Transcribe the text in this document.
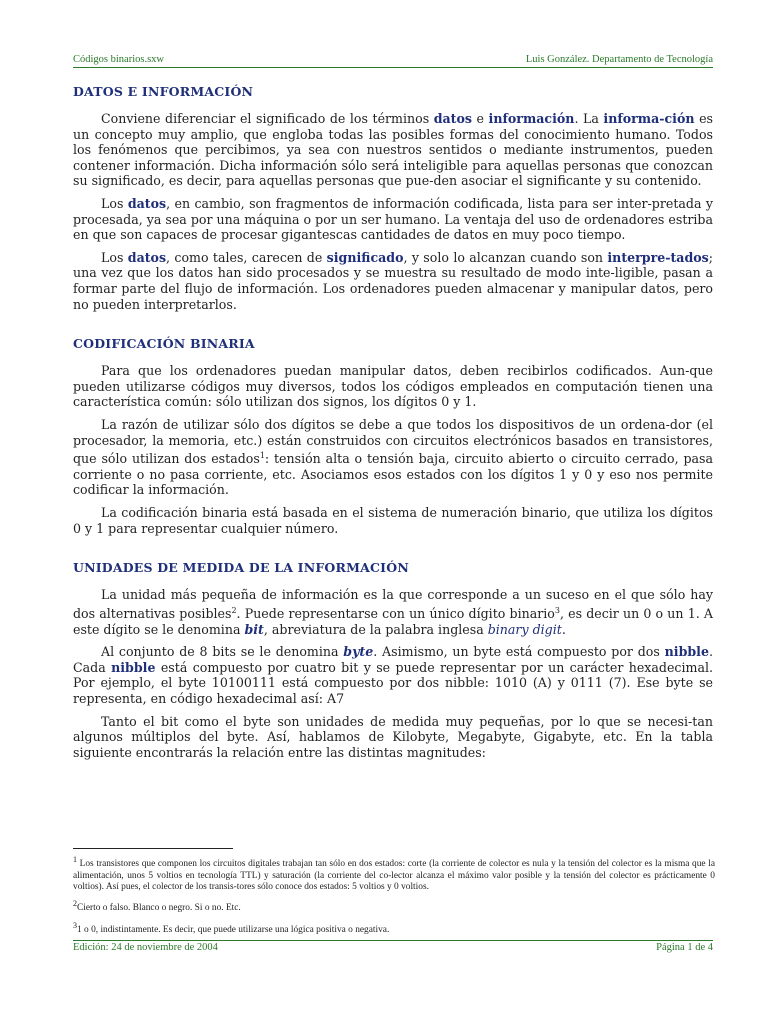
Códigos binarios.sxw	Luis González. Departamento de Tecnología
DATOS E INFORMACIÓN

Conviene diferenciar el significado de los términos datos e información. La informa-ción es un concepto muy amplio, que engloba todas las posibles formas del conocimiento humano. Todos los fenómenos que percibimos, ya sea con nuestros sentidos o mediante instrumentos, pueden contener información. Dicha información sólo será inteligible para aquellas personas que conozcan su significado, es decir, para aquellas personas que pue-den asociar el significante y su contenido.

Los datos, en cambio, son fragmentos de información codificada, lista para ser inter-pretada y procesada, ya sea por una máquina o por un ser humano. La ventaja del uso de ordenadores estriba en que son capaces de procesar gigantescas cantidades de datos en muy poco tiempo.

Los datos, como tales, carecen de significado, y solo lo alcanzan cuando son interpre-tados; una vez que los datos han sido procesados y se muestra su resultado de modo inte-ligible, pasan a formar parte del flujo de información. Los ordenadores pueden almacenar y manipular datos, pero no pueden interpretarlos.

CODIFICACIÓN BINARIA

Para que los ordenadores puedan manipular datos, deben recibirlos codificados. Aun-que pueden utilizarse códigos muy diversos, todos los códigos empleados en computación tienen una característica común: sólo utilizan dos signos, los dígitos 0 y 1.

La razón de utilizar sólo dos dígitos se debe a que todos los dispositivos de un ordena-dor (el procesador, la memoria, etc.) están construidos con circuitos electrónicos basados en transistores, que sólo utilizan dos estados$^1$: tensión alta o tensión baja, circuito abierto o circuito cerrado, pasa corriente o no pasa corriente, etc. Asociamos esos estados con los dígitos 1 y 0 y eso nos permite codificar la información.

La codificación binaria está basada en el sistema de numeración binario, que utiliza los dígitos 0 y 1 para representar cualquier número.

UNIDADES DE MEDIDA DE LA INFORMACIÓN

La unidad más pequeña de información es la que corresponde a un suceso en el que sólo hay dos alternativas posibles$^2$. Puede representarse con un único dígito binario$^3$, es decir un 0 o un 1. A este dígito se le denomina bit, abreviatura de la palabra inglesa binary digit.

Al conjunto de 8 bits se le denomina byte. Asimismo, un byte está compuesto por dos nibble. Cada nibble está compuesto por cuatro bit y se puede representar por un carácter hexadecimal. Por ejemplo, el byte 10100111 está compuesto por dos nibble: 1010 (A) y 0111 (7). Ese byte se representa, en código hexadecimal así: A7

Tanto el bit como el byte son unidades de medida muy pequeñas, por lo que se necesi-tan algunos múltiplos del byte. Así, hablamos de Kilobyte, Megabyte, Gigabyte, etc. En la tabla siguiente encontrarás la relación entre las distintas magnitudes:

$^1$ Los transistores que componen los circuitos digitales trabajan tan sólo en dos estados: corte (la corriente de colector es nula y la tensión del colector es la misma que la alimentación, unos 5 voltios en tecnología TTL) y saturación (la corriente del co-lector alcanza el máximo valor posible y la tensión del colector es prácticamente 0 voltios). Así pues, el colector de los transis-tores sólo conoce dos estados: 5 voltios y 0 voltios.

$^2$Cierto o falso. Blanco o negro. Si o no. Etc.

$^3$1 o 0, indistintamente. Es decir, que puede utilizarse una lógica positiva o negativa.

Edición: 24 de noviembre de 2004	Página 1 de 4
